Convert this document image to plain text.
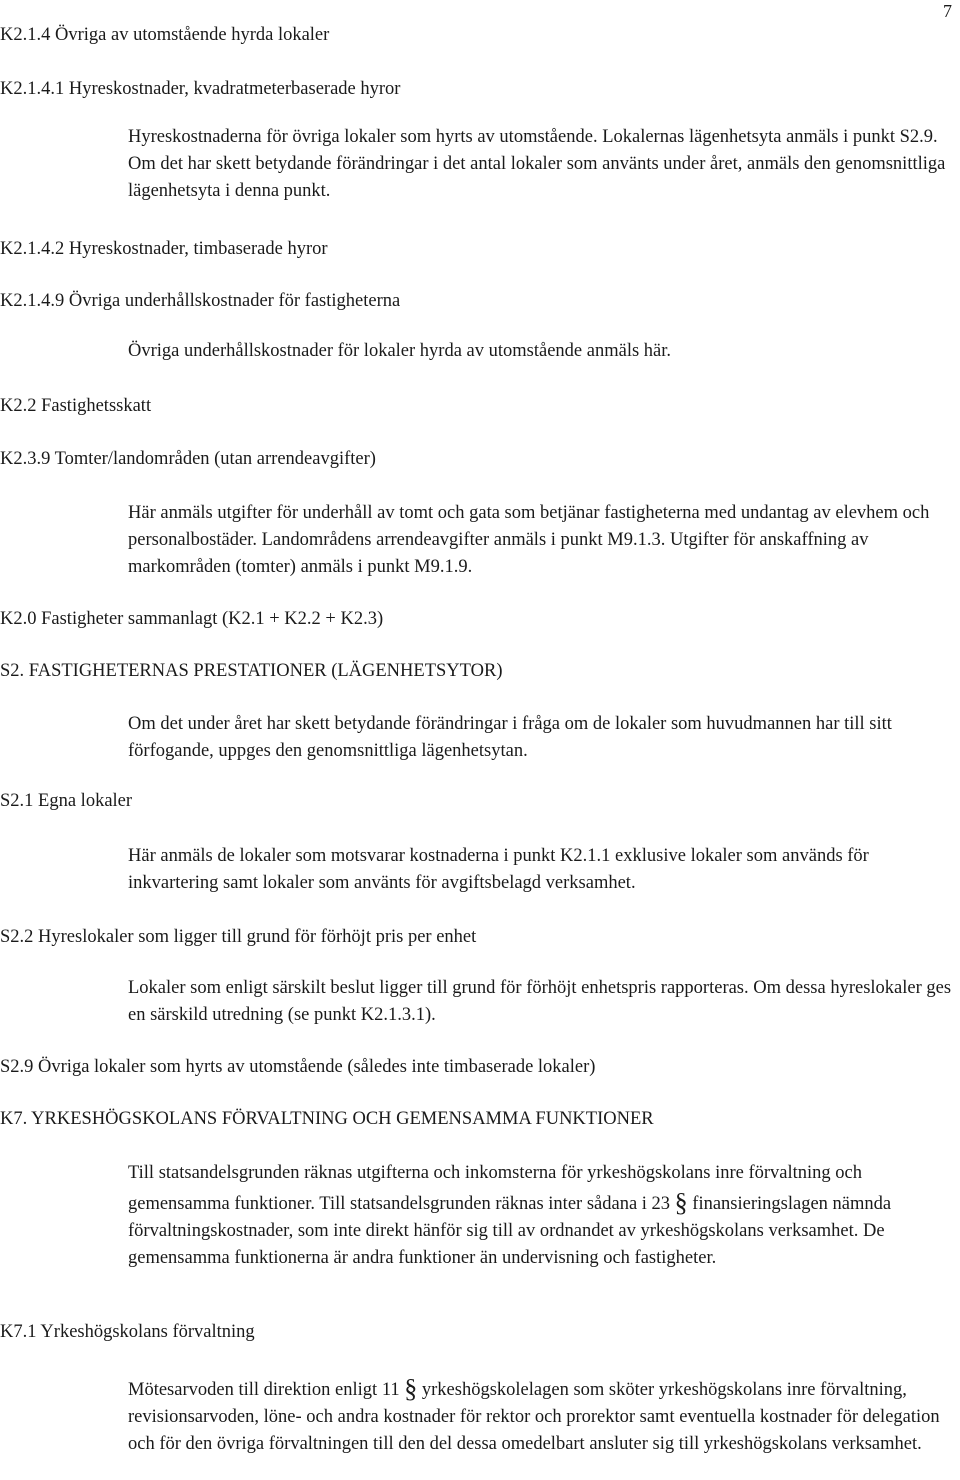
7
K2.1.4 Övriga av utomstående hyrda lokaler
K2.1.4.1 Hyreskostnader, kvadratmeterbaserade hyror

Hyreskostnaderna för övriga lokaler som hyrts av utomstående. Lokalernas lägenhetsyta anmäls i punkt S2.9. Om det har skett betydande förändringar i det antal lokaler som använts under året, anmäls den genomsnittliga lägenhetsyta i denna punkt.

K2.1.4.2 Hyreskostnader, timbaserade hyror
K2.1.4.9 Övriga underhållskostnader för fastigheterna

Övriga underhållskostnader för lokaler hyrda av utomstående anmäls här.

K2.2 Fastighetsskatt
K2.3.9 Tomter/landområden (utan arrendeavgifter)

Här anmäls utgifter för underhåll av tomt och gata som betjänar fastigheterna med undantag av elevhem och personalbostäder. Landområdens arrendeavgifter anmäls i punkt M9.1.3. Utgifter för anskaffning av markområden (tomter) anmäls i punkt M9.1.9.

K2.0 Fastigheter sammanlagt (K2.1 + K2.2 + K2.3)
S2. FASTIGHETERNAS PRESTATIONER (LÄGENHETSYTOR)

Om det under året har skett betydande förändringar i fråga om de lokaler som huvudmannen har till sitt förfogande, uppges den genomsnittliga lägenhetsytan.

S2.1 Egna lokaler

Här anmäls de lokaler som motsvarar kostnaderna i punkt K2.1.1 exklusive lokaler som används för inkvartering samt lokaler som använts för avgiftsbelagd verksamhet.

S2.2 Hyreslokaler som ligger till grund för förhöjt pris per enhet

Lokaler som enligt särskilt beslut ligger till grund för förhöjt enhetspris rapporteras. Om dessa hyreslokaler ges en särskild utredning (se punkt K2.1.3.1).

S2.9 Övriga lokaler som hyrts av utomstående (således inte timbaserade lokaler)
K7. YRKESHÖGSKOLANS FÖRVALTNING OCH GEMENSAMMA FUNKTIONER

Till statsandelsgrunden räknas utgifterna och inkomsterna för yrkeshögskolans inre förvaltning och gemensamma funktioner. Till statsandelsgrunden räknas inter sådana i 23 § finansieringslagen nämnda förvaltningskostnader, som inte direkt hänför sig till av ordnandet av yrkeshögskolans verksamhet. De gemensamma funktionerna är andra funktioner än undervisning och fastigheter.

K7.1 Yrkeshögskolans förvaltning

Mötesarvoden till direktion enligt 11 § yrkeshögskolelagen som sköter yrkeshögskolans inre förvaltning, revisionsarvoden, löne- och andra kostnader för rektor och prorektor samt eventuella kostnader för delegation och för den övriga förvaltningen till den del dessa omedelbart ansluter sig till yrkeshögskolans verksamhet.
